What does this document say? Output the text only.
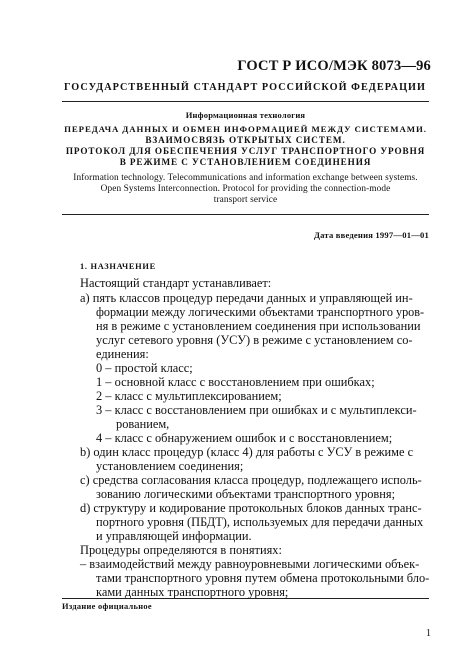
ГОСТ Р ИСО/МЭК 8073—96
ГОСУДАРСТВЕННЫЙ СТАНДАРТ РОССИЙСКОЙ ФЕДЕРАЦИИ
Информационная технология
ПЕРЕДАЧА ДАННЫХ И ОБМЕН ИНФОРМАЦИЕЙ МЕЖДУ СИСТЕМАМИ.
ВЗАИМОСВЯЗЬ ОТКРЫТЫХ СИСТЕМ.
ПРОТОКОЛ ДЛЯ ОБЕСПЕЧЕНИЯ УСЛУГ ТРАНСПОРТНОГО УРОВНЯ
В РЕЖИМЕ С УСТАНОВЛЕНИЕМ СОЕДИНЕНИЯ
Information technology. Telecommunications and information exchange between systems.
Open Systems Interconnection. Protocol for providing the connection-mode
transport service
Дата введения 1997—01—01
1. НАЗНАЧЕНИЕ
Настоящий стандарт устанавливает:
a) пять классов процедур передачи данных и управляющей ин-
формации между логическими объектами транспортного уров-
ня в режиме с установлением соединения при использовании
услуг сетевого уровня (УСУ) в режиме с установлением со-
единения:
0 – простой класс;
1 – основной класс с восстановлением при ошибках;
2 – класс с мультиплексированием;
3 – класс с восстановлением при ошибках и с мультиплекси-
рованием,
4 – класс с обнаружением ошибок и с восстановлением;
b) один класс процедур (класс 4) для работы с УСУ в режиме с
установлением соединения;
c) средства согласования класса процедур, подлежащего исполь-
зованию логическими объектами транспортного уровня;
d) структуру и кодирование протокольных блоков данных транс-
портного уровня (ПБДТ), используемых для передачи данных
и управляющей информации.
Процедуры определяются в понятиях:
– взаимодействий между равноуровневыми логическими объек-
тами транспортного уровня путем обмена протокольными бло-
ками данных транспортного уровня;
Издание официальное
1
